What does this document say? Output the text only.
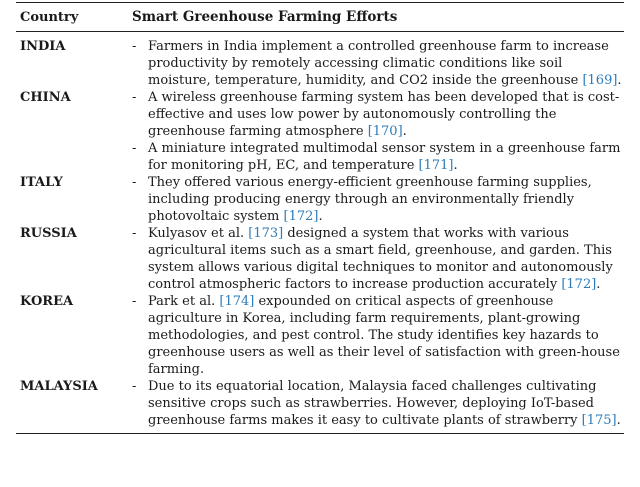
Country	Smart Greenhouse Farming Efforts
INDIA	- Farmers in India implement a controlled greenhouse farm to increase productivity by remotely accessing climatic conditions like soil moisture, temperature, humidity, and CO2 inside the greenhouse [169].
CHINA	- A wireless greenhouse farming system has been developed that is cost-effective and uses low power by autonomously controlling the greenhouse farming atmosphere [170].
- A miniature integrated multimodal sensor system in a greenhouse farm for monitoring pH, EC, and temperature [171].
ITALY	- They offered various energy-efficient greenhouse farming supplies, including producing energy through an environmentally friendly photovoltaic system [172].
RUSSIA	- Kulyasov et al. [173] designed a system that works with various agricultural items such as a smart field, greenhouse, and garden. This system allows various digital techniques to monitor and autonomously control atmospheric factors to increase production accurately [172].
KOREA	- Park et al. [174] expounded on critical aspects of greenhouse agriculture in Korea, including farm requirements, plant-growing methodologies, and pest control. The study identifies key hazards to greenhouse users as well as their level of satisfaction with green-house farming.
MALAYSIA	- Due to its equatorial location, Malaysia faced challenges cultivating sensitive crops such as strawberries. However, deploying IoT-based greenhouse farms makes it easy to cultivate plants of strawberry [175].
